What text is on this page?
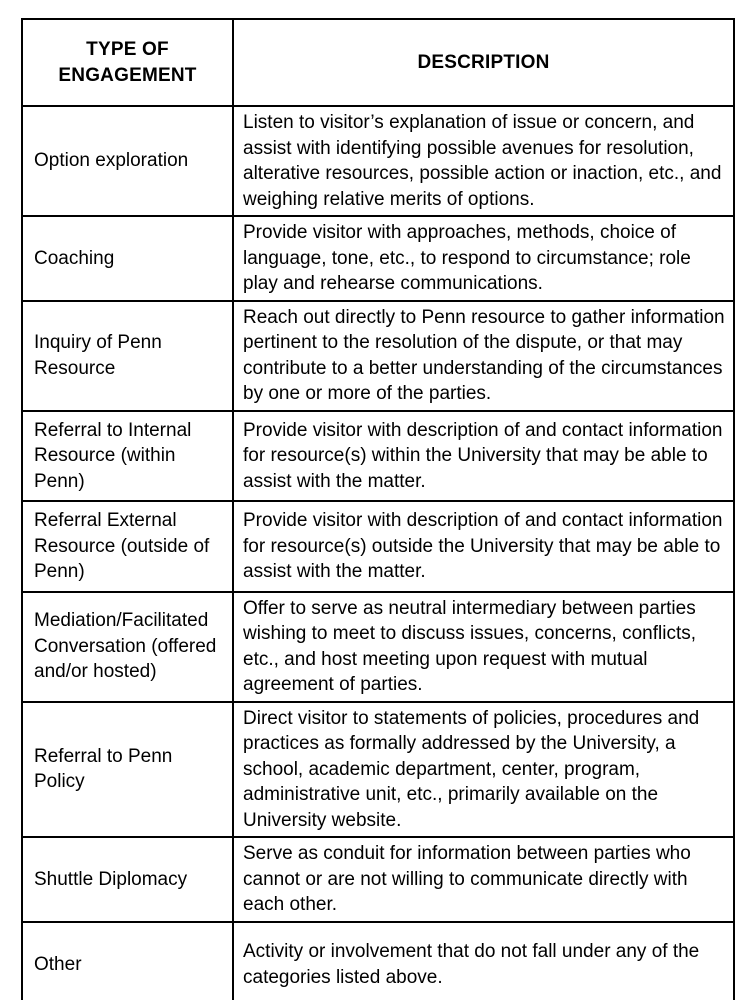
TYPE OF ENGAGEMENT	DESCRIPTION
Option exploration	Listen to visitor’s explanation of issue or concern, and assist with identifying possible avenues for resolution, alterative resources, possible action or inaction, etc., and weighing relative merits of options.
Coaching	Provide visitor with approaches, methods, choice of language, tone, etc., to respond to circumstance; role play and rehearse communications.
Inquiry of Penn Resource	Reach out directly to Penn resource to gather information pertinent to the resolution of the dispute, or that may contribute to a better understanding of the circumstances by one or more of the parties.
Referral to Internal Resource (within Penn)	Provide visitor with description of and contact information for resource(s) within the University that may be able to assist with the matter.
Referral External Resource (outside of Penn)	Provide visitor with description of and contact information for resource(s) outside the University that may be able to assist with the matter.
Mediation/Facilitated Conversation (offered and/or hosted)	Offer to serve as neutral intermediary between parties wishing to meet to discuss issues, concerns, conflicts, etc., and host meeting upon request with mutual agreement of parties.
Referral to Penn Policy	Direct visitor to statements of policies, procedures and practices as formally addressed by the University, a school, academic department, center, program, administrative unit, etc., primarily available on the University website.
Shuttle Diplomacy	Serve as conduit for information between parties who cannot or are not willing to communicate directly with each other.
Other	Activity or involvement that do not fall under any of the categories listed above.
